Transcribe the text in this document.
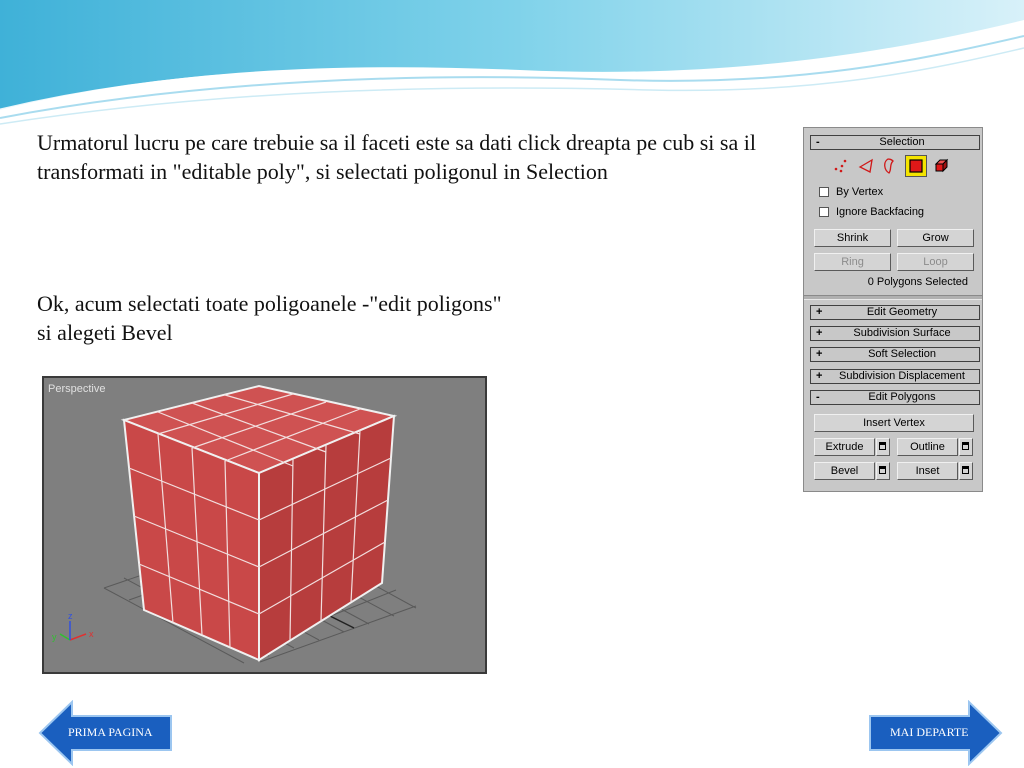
Urmatorul lucru pe care trebuie sa il faceti este sa dati click dreapta pe cub si sa il transformati in "editable poly", si selectati poligonul in Selection

Ok, acum selectati toate poligoanele -"edit poligons" si alegeti Bevel

x
y
z
Perspective
-	Selection
By Vertex
Ignore Backfacing
Shrink	Grow
Ring	Loop
0 Polygons Selected
+	Edit Geometry
+	Subdivision Surface
+	Soft Selection
+	Subdivision Displacement
-	Edit Polygons
Insert Vertex
Extrude	Outline
Bevel	Inset
PRIMA PAGINA	MAI DEPARTE
